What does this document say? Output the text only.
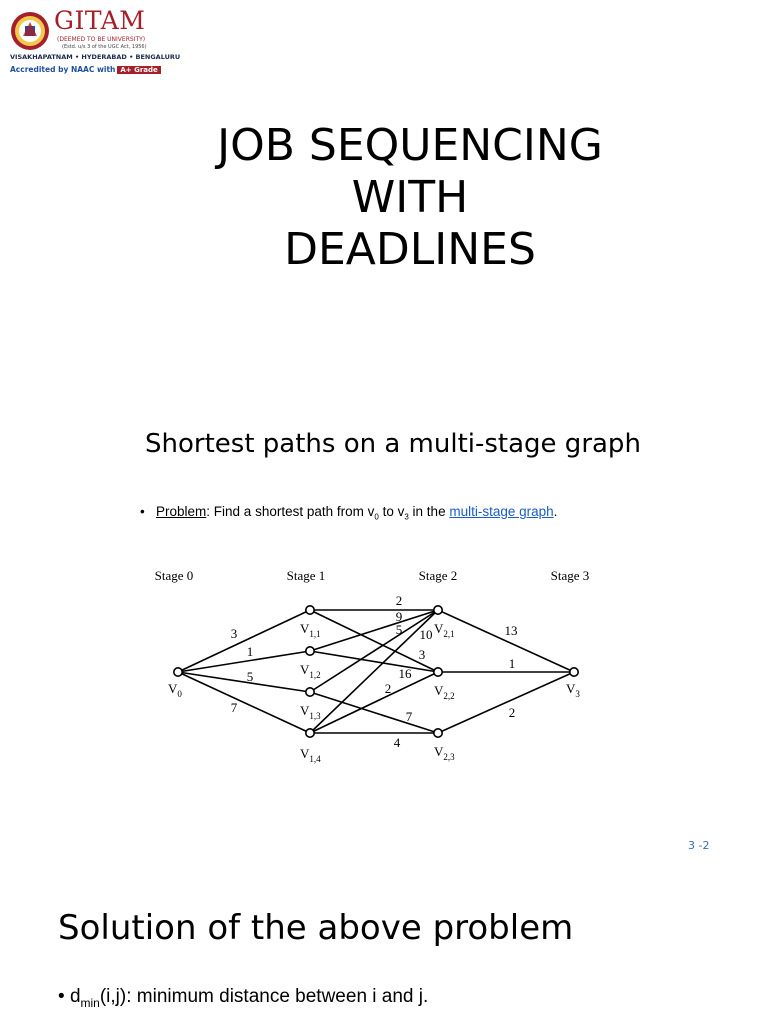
GITAM
(DEEMED TO BE UNIVERSITY)
(Estd. u/s 3 of the UGC Act, 1956)
VISAKHAPATNAM • HYDERABAD • BENGALURU
Accredited by NAAC with A+ Grade
JOB SEQUENCING
WITH
DEADLINES
Shortest paths on a multi-stage graph
• Problem: Find a shortest path from $v_0$ to $v_3$ in the multi-stage graph.
3
1
5
7
2
9
5 10
3
16
2
7
4
13
1
2
$V_0$
$V_{1,1}$
$V_{1,2}$
$V_{1,3}$
$V_{1,4}$
$V_{2,1}$
$V_{2,2}$
$V_{2,3}$
$V_3$
Stage 0	Stage 1	Stage 2	Stage 3
3 -2
Solution of the above problem
• $d_{min}(i,j)$: minimum distance between i and j.
